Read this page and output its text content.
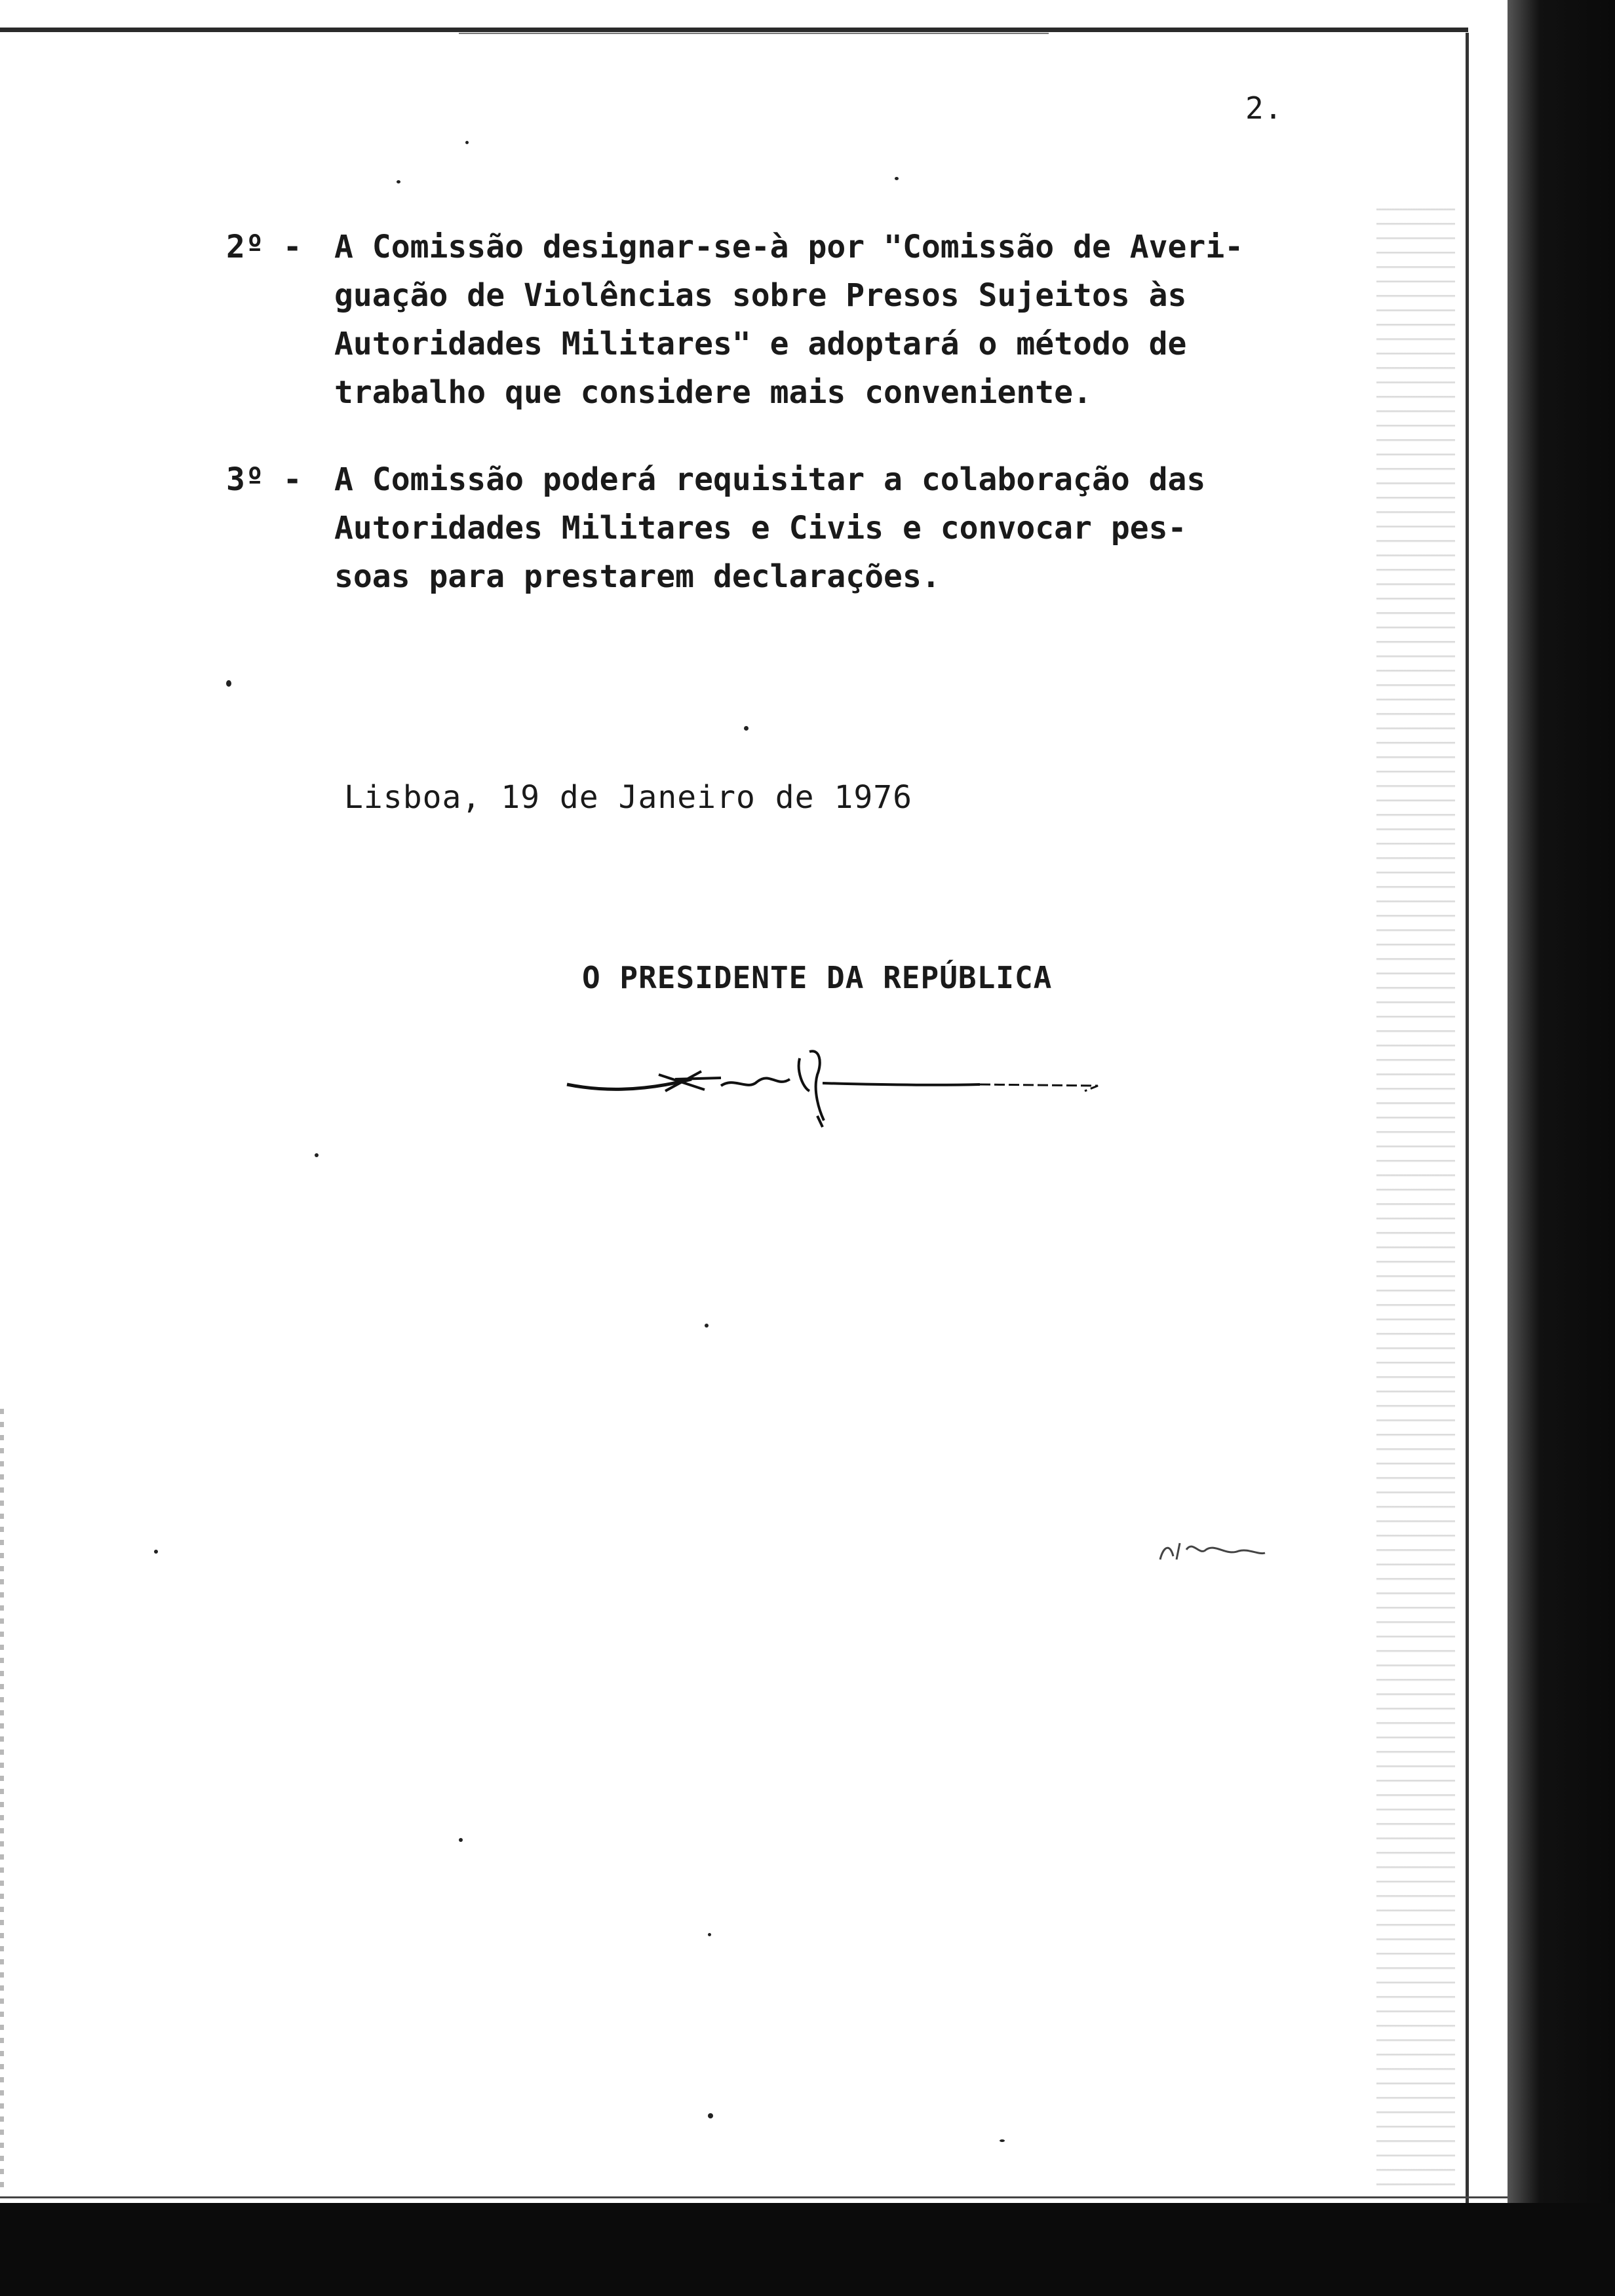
2.
2º - A Comissão designar-se-à por "Comissão de Averi-
guação de Violências sobre Presos Sujeitos às
Autoridades Militares" e adoptará o método de
trabalho que considere mais conveniente.
3º - A Comissão poderá requisitar a colaboração das
Autoridades Militares e Civis e convocar pes-
soas para prestarem declarações.
Lisboa, 19 de Janeiro de 1976
O PRESIDENTE DA REPÚBLICA
